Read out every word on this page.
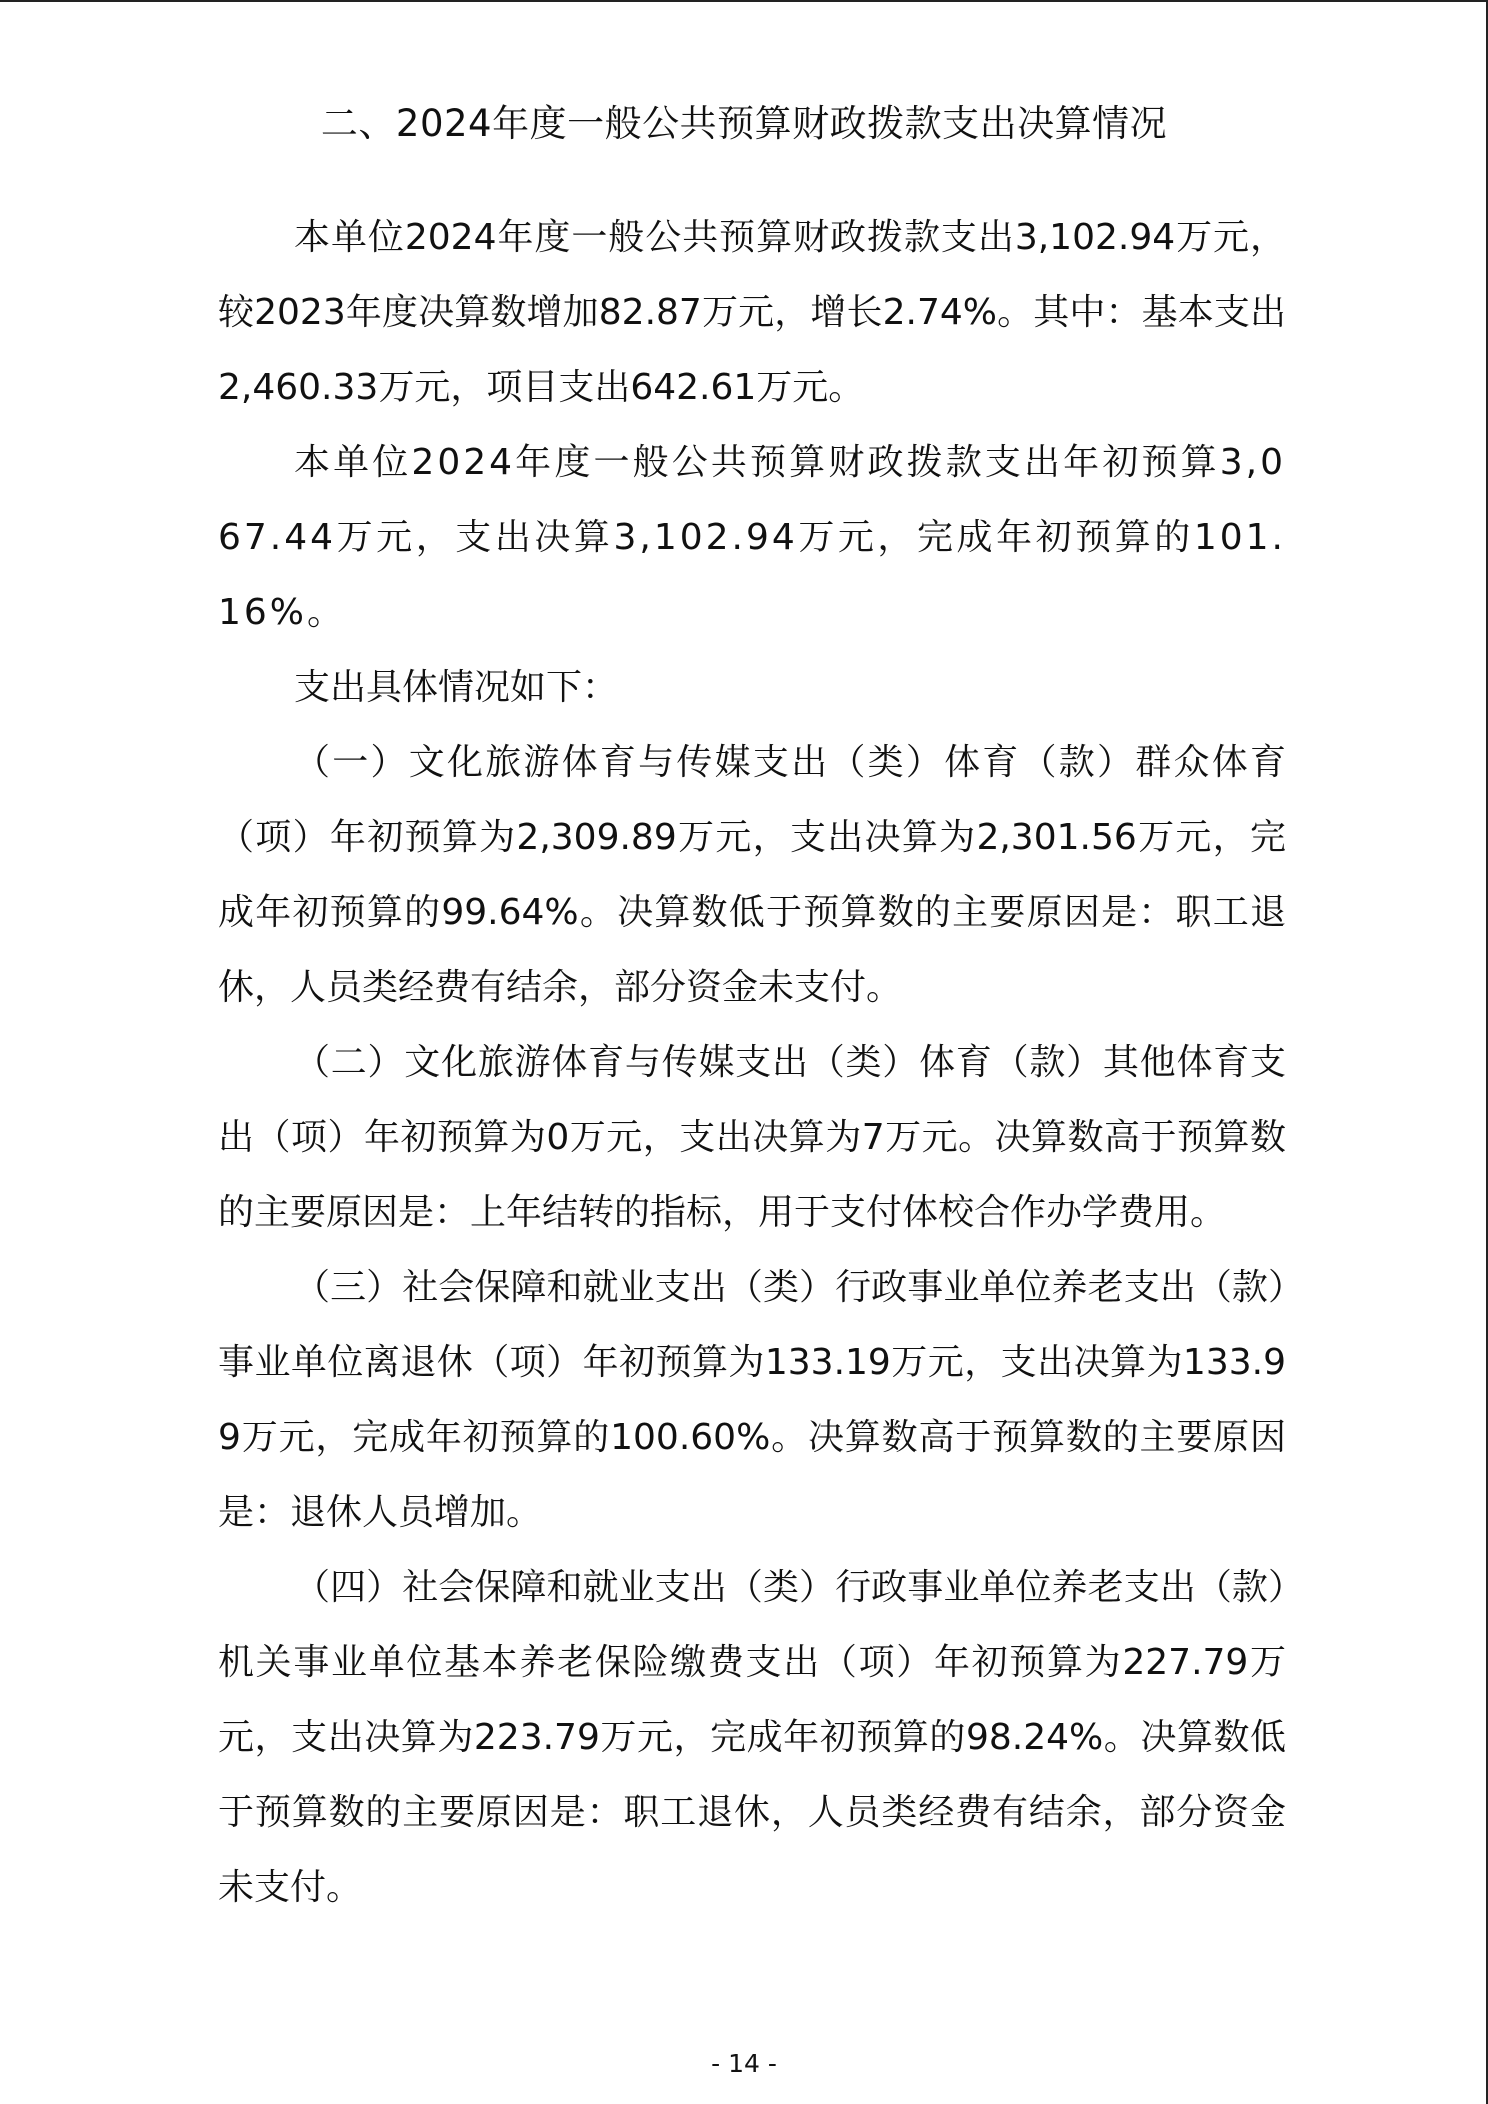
二、2024年度一般公共预算财政拨款支出决算情况

本单位2024年度一般公共预算财政拨款支出3,102.94万元，较2023年度决算数增加82.87万元，增长2.74%。其中：基本支出2,460.33万元，项目支出642.61万元。

本单位2024年度一般公共预算财政拨款支出年初预算3,067.44万元，支出决算3,102.94万元，完成年初预算的101.16%。

支出具体情况如下：

（一）文化旅游体育与传媒支出（类）体育（款）群众体育（项）年初预算为2,309.89万元，支出决算为2,301.56万元，完成年初预算的99.64%。决算数低于预算数的主要原因是：职工退休，人员类经费有结余，部分资金未支付。

（二）文化旅游体育与传媒支出（类）体育（款）其他体育支出（项）年初预算为0万元，支出决算为7万元。决算数高于预算数的主要原因是：上年结转的指标，用于支付体校合作办学费用。

（三）社会保障和就业支出（类）行政事业单位养老支出（款）事业单位离退休（项）年初预算为133.19万元，支出决算为133.99万元，完成年初预算的100.60%。决算数高于预算数的主要原因是：退休人员增加。

（四）社会保障和就业支出（类）行政事业单位养老支出（款）机关事业单位基本养老保险缴费支出（项）年初预算为227.79万元，支出决算为223.79万元，完成年初预算的98.24%。决算数低于预算数的主要原因是：职工退休，人员类经费有结余，部分资金未支付。

- 14 -
